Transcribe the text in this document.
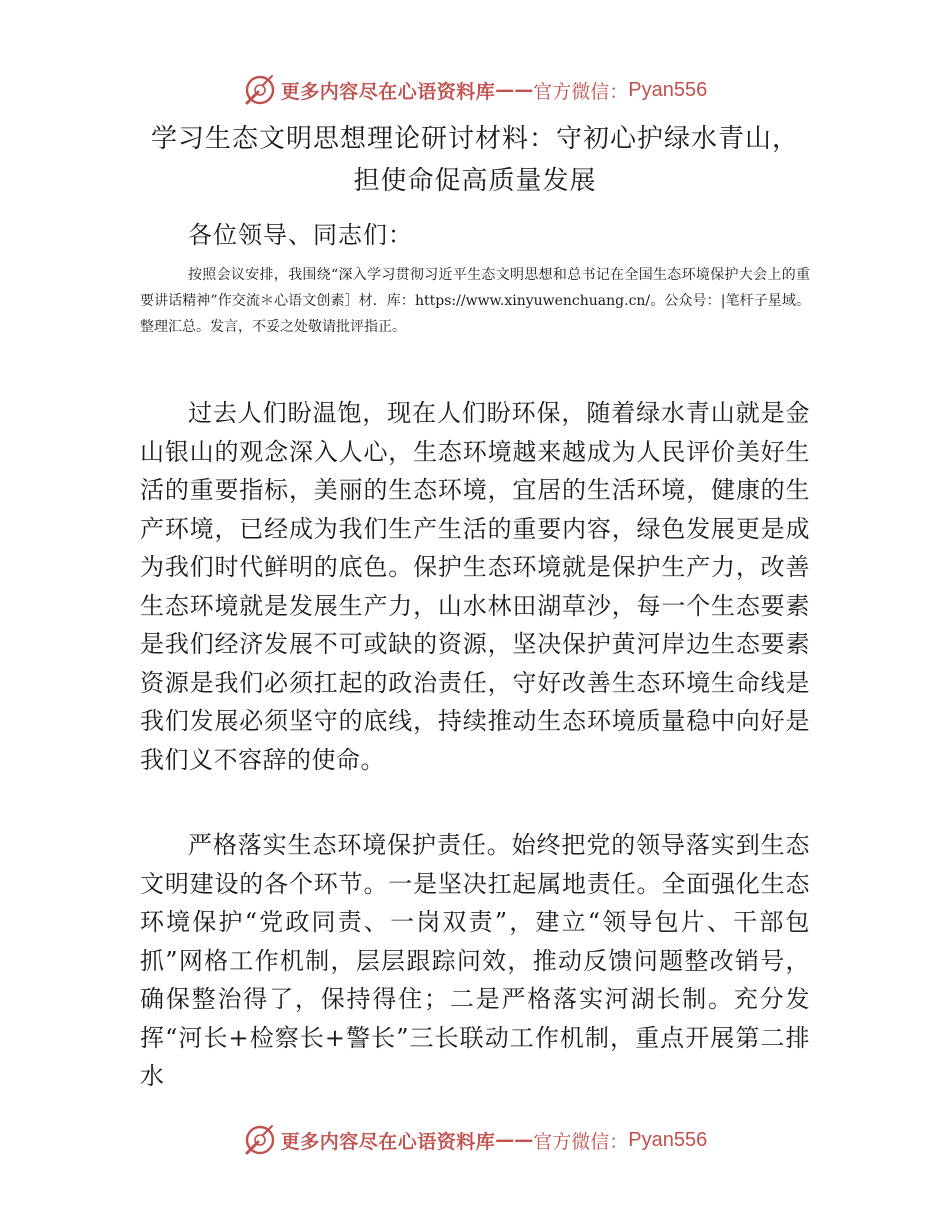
更多内容尽在心语资料库 —— 官方微信： Pyan556
学习生态文明思想理论研讨材料：守初心护绿水青山，担使命促高质量发展
各位领导、同志们：
按照会议安排，我围绕“深入学习贯彻习近平生态文明思想和总书记在全国生态环境保护大会上的重要讲话精神”作交流＊心语文创素］材．库：https://www.xinyuwenchuang.cn/。公众号：|笔杆子星域。整理汇总。发言，不妥之处敬请批评指正。
过去人们盼温饱，现在人们盼环保，随着绿水青山就是金山银山的观念深入人心，生态环境越来越成为人民评价美好生活的重要指标，美丽的生态环境，宜居的生活环境，健康的生产环境，已经成为我们生产生活的重要内容，绿色发展更是成为我们时代鲜明的底色。保护生态环境就是保护生产力，改善生态环境就是发展生产力，山水林田湖草沙，每一个生态要素是我们经济发展不可或缺的资源，坚决保护黄河岸边生态要素资源是我们必须扛起的政治责任，守好改善生态环境生命线是我们发展必须坚守的底线，持续推动生态环境质量稳中向好是我们义不容辞的使命。
严格落实生态环境保护责任。始终把党的领导落实到生态文明建设的各个环节。一是坚决扛起属地责任。全面强化生态环境保护“党政同责、一岗双责”，建立“领导包片、干部包抓”网格工作机制，层层跟踪问效，推动反馈问题整改销号，确保整治得了，保持得住；二是严格落实河湖长制。充分发挥“河长+检察长+警长”三长联动工作机制，重点开展第二排水
更多内容尽在心语资料库 —— 官方微信： Pyan556
